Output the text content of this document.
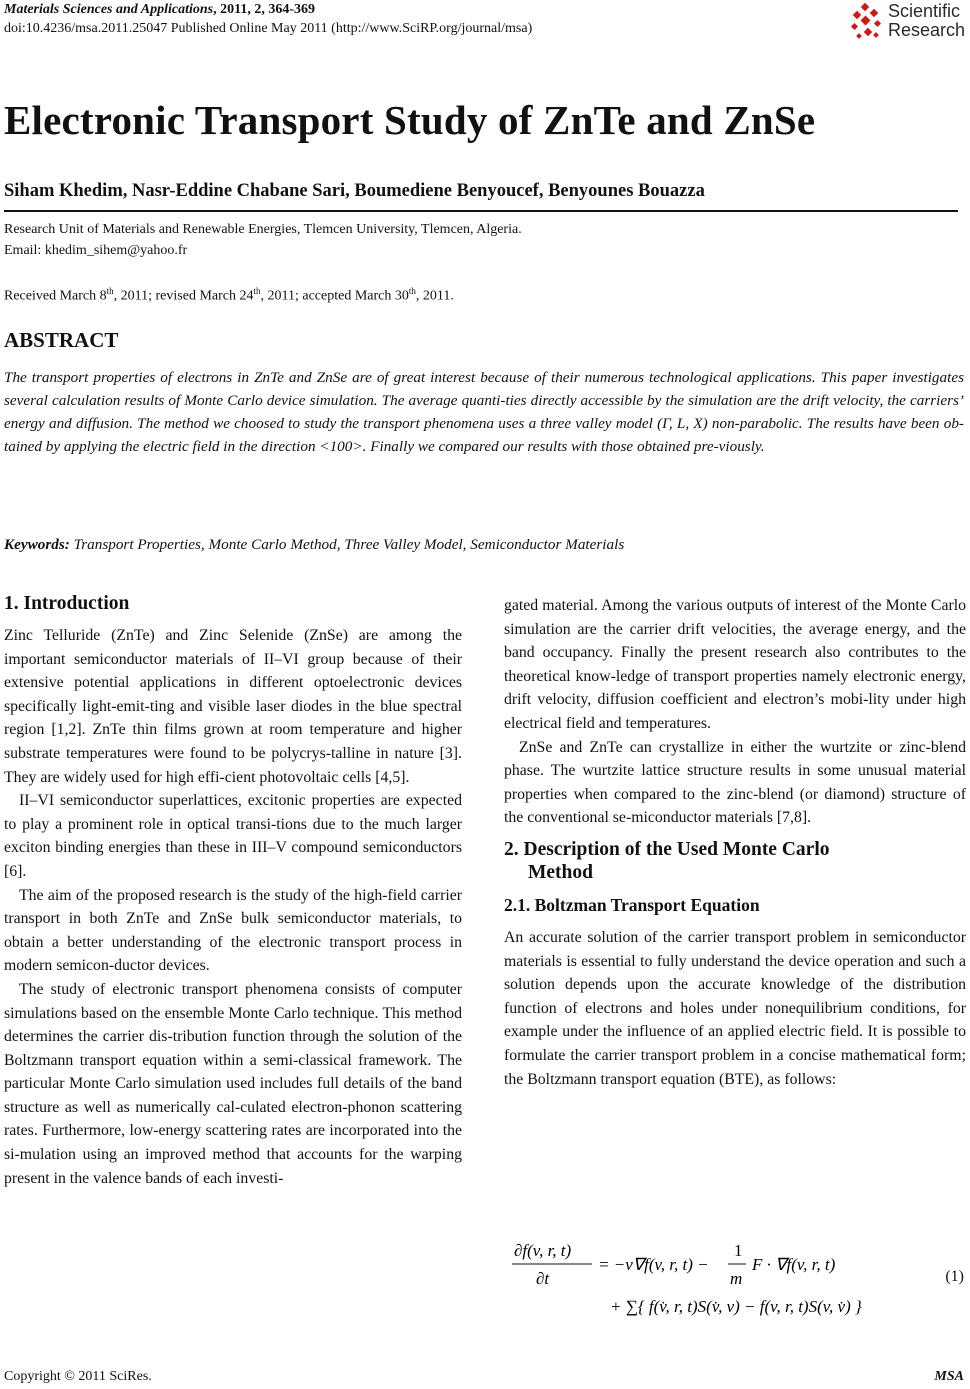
Materials Sciences and Applications, 2011, 2, 364-369
doi:10.4236/msa.2011.25047 Published Online May 2011 (http://www.SciRP.org/journal/msa)
Scientific
Research
Electronic Transport Study of ZnTe and ZnSe
Siham Khedim, Nasr-Eddine Chabane Sari, Boumediene Benyoucef, Benyounes Bouazza
Research Unit of Materials and Renewable Energies, Tlemcen University, Tlemcen, Algeria.
Email: khedim_sihem@yahoo.fr
Received March 8th, 2011; revised March 24th, 2011; accepted March 30th, 2011.
ABSTRACT
The transport properties of electrons in ZnTe and ZnSe are of great interest because of their numerous technological applications. This paper investigates several calculation results of Monte Carlo device simulation. The average quanti-ties directly accessible by the simulation are the drift velocity, the carriers’ energy and diffusion. The method we choosed to study the transport phenomena uses a three valley model (Γ, L, X) non-parabolic. The results have been ob-tained by applying the electric field in the direction <100>. Finally we compared our results with those obtained pre-viously.
Keywords: Transport Properties, Monte Carlo Method, Three Valley Model, Semiconductor Materials
1. Introduction

Zinc Telluride (ZnTe) and Zinc Selenide (ZnSe) are among the important semiconductor materials of II–VI group because of their extensive potential applications in different optoelectronic devices specifically light-emit-ting and visible laser diodes in the blue spectral region [1,2]. ZnTe thin films grown at room temperature and higher substrate temperatures were found to be polycrys-talline in nature [3]. They are widely used for high effi-cient photovoltaic cells [4,5].

II–VI semiconductor superlattices, excitonic properties are expected to play a prominent role in optical transi-tions due to the much larger exciton binding energies than these in III–V compound semiconductors [6].

The aim of the proposed research is the study of the high-field carrier transport in both ZnTe and ZnSe bulk semiconductor materials, to obtain a better understanding of the electronic transport process in modern semicon-ductor devices.

The study of electronic transport phenomena consists of computer simulations based on the ensemble Monte Carlo technique. This method determines the carrier dis-tribution function through the solution of the Boltzmann transport equation within a semi-classical framework. The particular Monte Carlo simulation used includes full details of the band structure as well as numerically cal-culated electron-phonon scattering rates. Furthermore, low-energy scattering rates are incorporated into the si-mulation using an improved method that accounts for the warping present in the valence bands of each investi-

gated material. Among the various outputs of interest of the Monte Carlo simulation are the carrier drift velocities, the average energy, and the band occupancy. Finally the present research also contributes to the theoretical know-ledge of transport properties namely electronic energy, drift velocity, diffusion coefficient and electron’s mobi-lity under high electrical field and temperatures.

ZnSe and ZnTe can crystallize in either the wurtzite or zinc-blend phase. The wurtzite lattice structure results in some unusual material properties when compared to the zinc-blend (or diamond) structure of the conventional se-miconductor materials [7,8].

2. Description of the Used Monte Carlo
Method
2.1. Boltzman Transport Equation

An accurate solution of the carrier transport problem in semiconductor materials is essential to fully understand the device operation and such a solution depends upon the accurate knowledge of the distribution function of electrons and holes under nonequilibrium conditions, for example under the influence of an applied electric field. It is possible to formulate the carrier transport problem in a concise mathematical form; the Boltzmann transport equation (BTE), as follows:

∂f(v, r, t)
∂t
= −v∇f(v, r, t) −
1
m
F · ∇f(v, r, t)
+ ∑{ f(v̇, r, t)S(v̇, v) − f(v, r, t)S(v, v̇) }
(1)
Copyright © 2011 SciRes.	MSA
